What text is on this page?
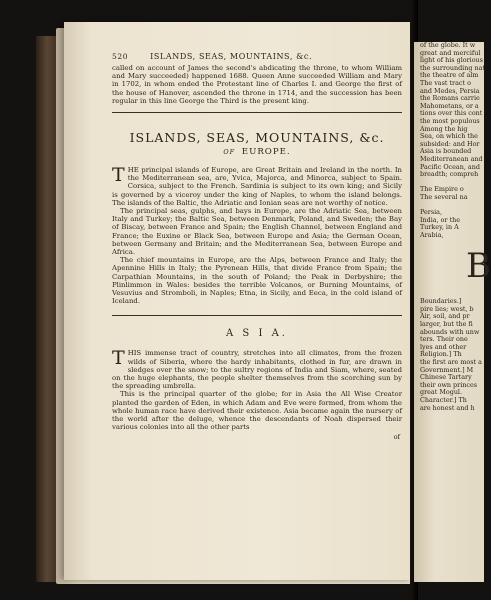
520	ISLANDS, SEAS, MOUNTAINS, &c.

called on account of James the second's abdicating the throne, to whom William and Mary succeeded) happened 1688. Queen Anne succeeded William and Mary in 1702, in whom ended the Protestant line of Charles I. and George the first of the house of Hanover, ascended the throne in 1714, and the succession has been regular in this line George the Third is the present king.

ISLANDS, SEAS, MOUNTAINS, &c.
OF EUROPE.

THE principal islands of Europe, are Great Britain and Ireland in the north. In the Mediterranean sea, are, Yvica, Majorca, and Minorca, subject to Spain. Corsica, subject to the French. Sardinia is subject to its own king; and Sicily is governed by a viceroy under the king of Naples, to whom the island belongs. The islands of the Baltic, the Adriatic and Ionian seas are not worthy of notice.

The principal seas, gulphs, and bays in Europe, are the Adriatic Sea, between Italy and Turkey; the Baltic Sea, between Denmark, Poland, and Sweden; the Bay of Biscay, between France and Spain; the English Channel, between England and France; the Euxine or Black Sea, between Europe and Asia; the German Ocean, between Germany and Britain; and the Mediterranean Sea, between Europe and Africa.

The chief mountains in Europe, are the Alps, between France and Italy; the Apennine Hills in Italy; the Pyrenean Hills, that divide France from Spain; the Carpathian Mountains, in the south of Poland; the Peak in Derbyshire; the Plinlimmon in Wales: besides the terrible Volcanos, or Burning Mountains, of Vesuvius and Stromboli, in Naples; Etna, in Sicily, and Eeca, in the cold island of Iceland.

A S I A.

THIS immense tract of country, stretches into all climates, from the frozen wilds of Siberia, where the hardy inhabitants, clothed in fur, are drawn in sledges over the snow; to the sultry regions of India and Siam, where, seated on the huge elephants, the people shelter themselves from the scorching sun by the spreading umbrella.

This is the principal quarter of the globe; for in Asia the All Wise Creator planted the garden of Eden, in which Adam and Eve were formed, from whom the whole human race have derived their existence. Asia became again the nursery of the world after the deluge, whence the descendants of Noah dispersed their various colonies into all the other parts

of
of the globe. It w
great and merciful
light of his glorious
the surrounding nat
the theatre of alm
The vast tract o
and Medes, Persia
the Romans carrie
Mahometans, or a
tions over this cont
the most populous
Among the hig
Sea, on which the
subsided: and Hor
Asia is bounded
Mediterranean and
Pacific Ocean, and
breadth; compreh

The Empire o
The several na

Persia,
India, or the
Turkey, in A
Arabia,

B

Boundaries.]
pire lies; west, b
Air, soil, and pr
larger, but the fi
abounds with unw
ters. Their one
lyes and other
Religion.] Th
the first are most a
Government.] M
Chinese Tartary
their own princes
great Mogul.
Character.] Th
are honest and h
